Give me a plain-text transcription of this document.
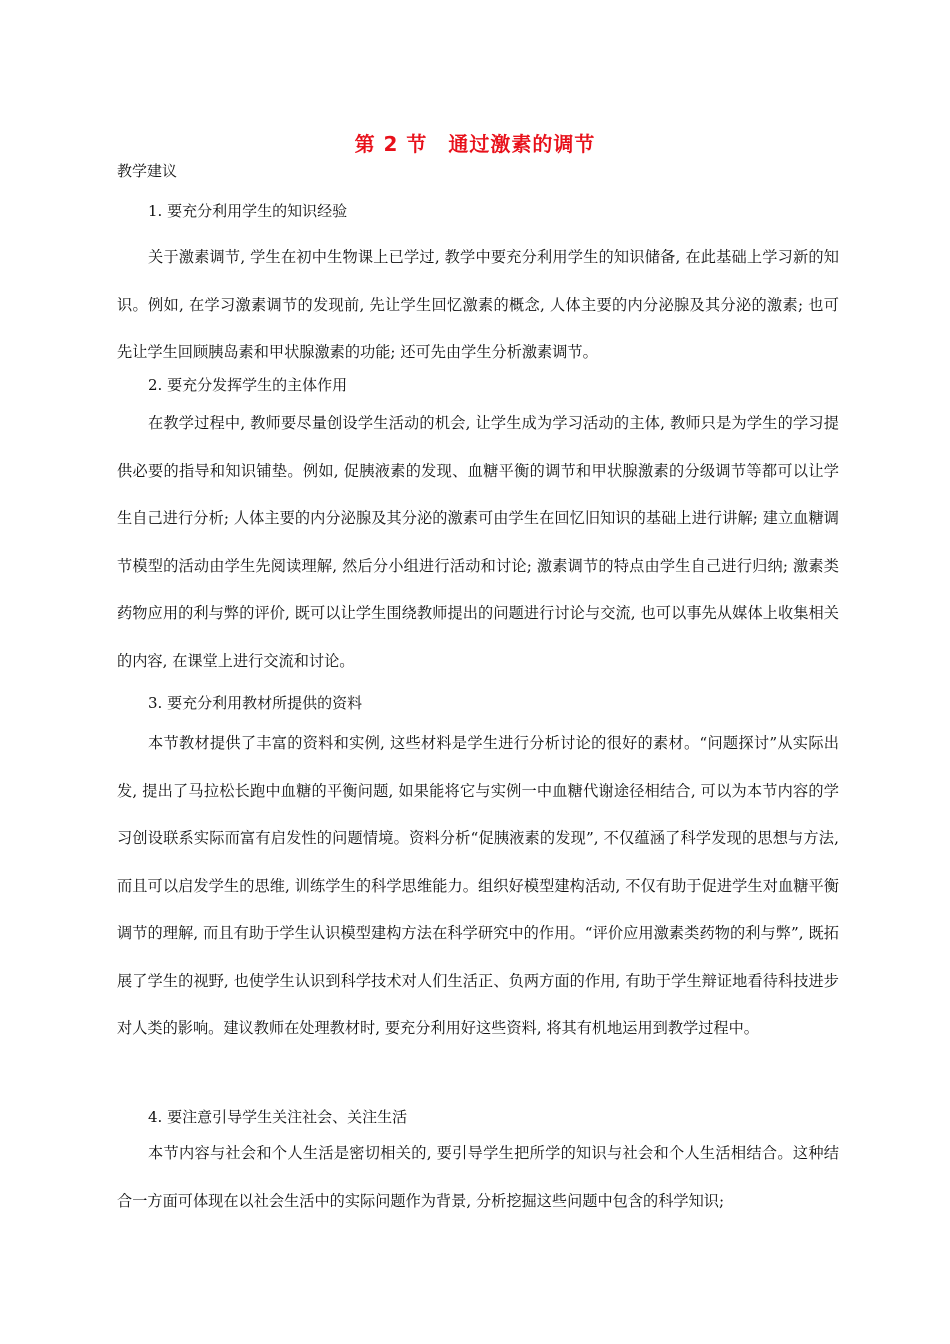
第 2 节　通过激素的调节
教学建议
1. 要充分利用学生的知识经验
关于激素调节, 学生在初中生物课上已学过, 教学中要充分利用学生的知识储备, 在此基础上学习新的知识。例如, 在学习激素调节的发现前, 先让学生回忆激素的概念, 人体主要的内分泌腺及其分泌的激素; 也可先让学生回顾胰岛素和甲状腺激素的功能; 还可先由学生分析激素调节。
2. 要充分发挥学生的主体作用
在教学过程中, 教师要尽量创设学生活动的机会, 让学生成为学习活动的主体, 教师只是为学生的学习提供必要的指导和知识铺垫。例如, 促胰液素的发现、血糖平衡的调节和甲状腺激素的分级调节等都可以让学生自己进行分析; 人体主要的内分泌腺及其分泌的激素可由学生在回忆旧知识的基础上进行讲解; 建立血糖调节模型的活动由学生先阅读理解, 然后分小组进行活动和讨论; 激素调节的特点由学生自己进行归纳; 激素类药物应用的利与弊的评价, 既可以让学生围绕教师提出的问题进行讨论与交流, 也可以事先从媒体上收集相关的内容, 在课堂上进行交流和讨论。
3. 要充分利用教材所提供的资料
本节教材提供了丰富的资料和实例, 这些材料是学生进行分析讨论的很好的素材。“问题探讨”从实际出发, 提出了马拉松长跑中血糖的平衡问题, 如果能将它与实例一中血糖代谢途径相结合, 可以为本节内容的学习创设联系实际而富有启发性的问题情境。资料分析“促胰液素的发现”, 不仅蕴涵了科学发现的思想与方法, 而且可以启发学生的思维, 训练学生的科学思维能力。组织好模型建构活动, 不仅有助于促进学生对血糖平衡调节的理解, 而且有助于学生认识模型建构方法在科学研究中的作用。“评价应用激素类药物的利与弊”, 既拓展了学生的视野, 也使学生认识到科学技术对人们生活正、负两方面的作用, 有助于学生辩证地看待科技进步对人类的影响。建议教师在处理教材时, 要充分利用好这些资料, 将其有机地运用到教学过程中。
4. 要注意引导学生关注社会、关注生活
本节内容与社会和个人生活是密切相关的, 要引导学生把所学的知识与社会和个人生活相结合。这种结合一方面可体现在以社会生活中的实际问题作为背景, 分析挖掘这些问题中包含的科学知识;
